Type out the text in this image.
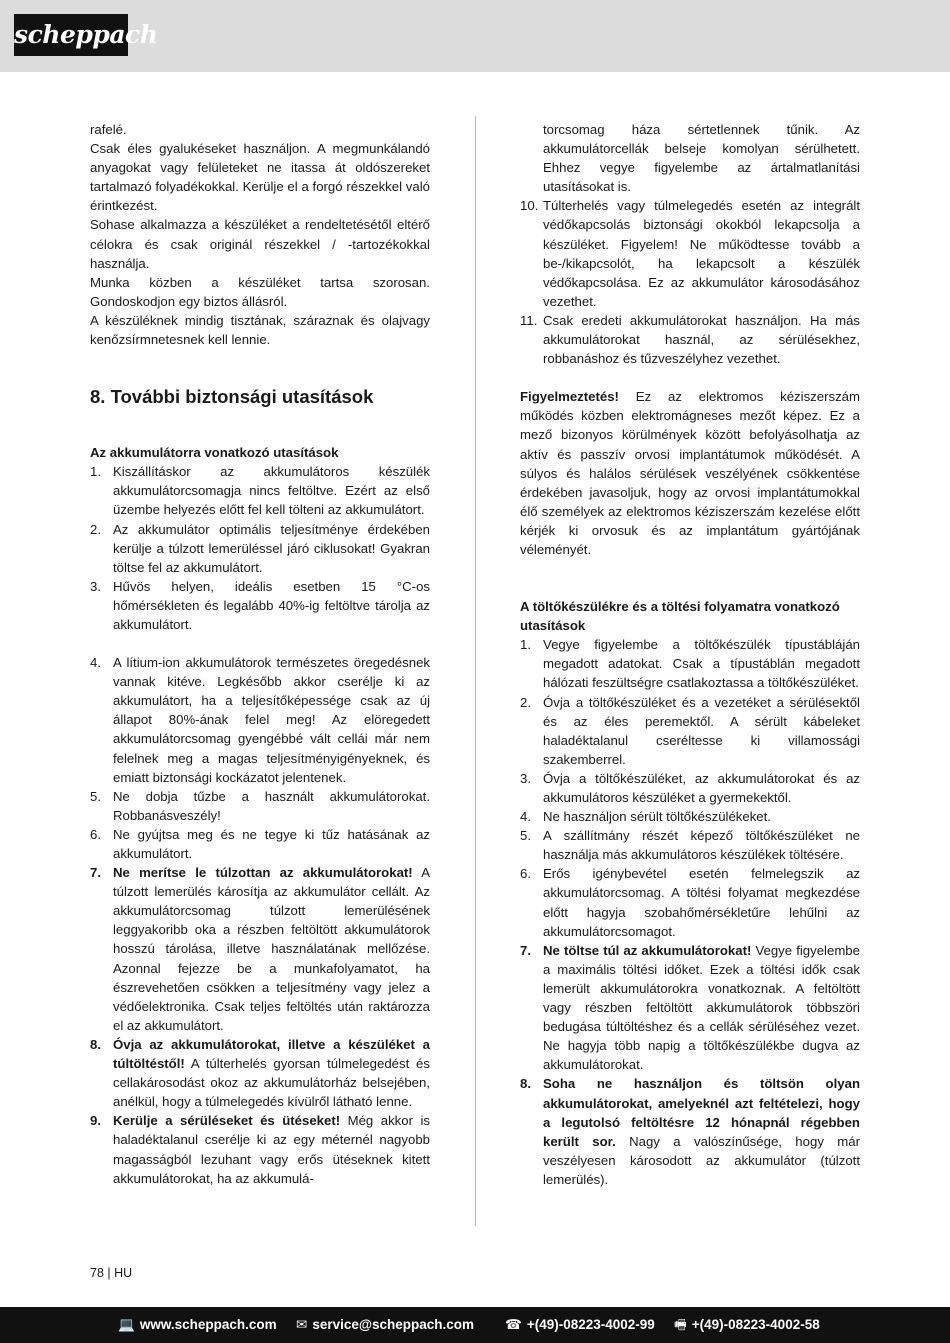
scheppach

rafelé.

Csak éles gyalukéseket használjon. A megmunkálandó anyagokat vagy felületeket ne itassa át oldószereket tartalmazó folyadékokkal. Kerülje el a forgó részekkel való érintkezést.

Sohase alkalmazza a készüléket a rendeltetésétől eltérő célokra és csak originál részekkel / -tartozékokkal használja.

Munka közben a készüléket tartsa szorosan. Gondoskodjon egy biztos állásról.

A készüléknek mindig tisztának, száraznak és olajvagy kenőzsírmnetesnek kell lennie.

8. További biztonsági utasítások
Az akkumulátorra vonatkozó utasítások
1. Kiszállításkor az akkumulátoros készülék akkumulátorcsomagja nincs feltöltve. Ezért az első üzembe helyezés előtt fel kell tölteni az akkumulátort.
2. Az akkumulátor optimális teljesítménye érdekében kerülje a túlzott lemerüléssel járó ciklusokat! Gyakran töltse fel az akkumulátort.
3. Hűvös helyen, ideális esetben 15 °C-os hőmérsékleten és legalább 40%-ig feltöltve tárolja az akkumulátort.
4. A lítium-ion akkumulátorok természetes öregedésnek vannak kitéve. Legkésőbb akkor cserélje ki az akkumulátort, ha a teljesítőképessége csak az új állapot 80%-ának felel meg! Az elöregedett akkumulátorcsomag gyengébbé vált cellái már nem felelnek meg a magas teljesítményigényeknek, és emiatt biztonsági kockázatot jelentenek.
5. Ne dobja tűzbe a használt akkumulátorokat. Robbanásveszély!
6. Ne gyújtsa meg és ne tegye ki tűz hatásának az akkumulátort.
7. Ne merítse le túlzottan az akkumulátorokat! A túlzott lemerülés károsítja az akkumulátor cellált. Az akkumulátorcsomag túlzott lemerülésének leggyakoribb oka a részben feltöltött akkumulátorok hosszú tárolása, illetve használatának mellőzése. Azonnal fejezze be a munkafolyamatot, ha észrevehetően csökken a teljesítmény vagy jelez a védőelektronika. Csak teljes feltöltés után raktározza el az akkumulátort.
8. Óvja az akkumulátorokat, illetve a készüléket a túltöltéstől! A túlterhelés gyorsan túlmelegedést és cellakárosodást okoz az akkumulátorház belsejében, anélkül, hogy a túlmelegedés kívülről látható lenne.
9. Kerülje a sérüléseket és ütéseket! Még akkor is haladéktalanul cserélje ki az egy méternél nagyobb magasságból lezuhant vagy erős ütéseknek kitett akkumulátorokat, ha az akkumulá-
torcsomag háza sértetlennek tűnik. Az akkumulátorcellák belseje komolyan sérülhetett. Ehhez vegye figyelembe az ártalmatlanítási utasításokat is.
10. Túlterhelés vagy túlmelegedés esetén az integrált védőkapcsolás biztonsági okokból lekapcsolja a készüléket. Figyelem! Ne működtesse tovább a be-/kikapcsolót, ha lekapcsolt a készülék védőkapcsolása. Ez az akkumulátor károsodásához vezethet.
11. Csak eredeti akkumulátorokat használjon. Ha más akkumulátorokat használ, az sérülésekhez, robbanáshoz és tűzveszélyhez vezethet.

Figyelmeztetés! Ez az elektromos kéziszerszám működés közben elektromágneses mezőt képez. Ez a mező bizonyos körülmények között befolyásolhatja az aktív és passzív orvosi implantátumok működését. A súlyos és halálos sérülések veszélyének csökkentése érdekében javasoljuk, hogy az orvosi implantátumokkal élő személyek az elektromos kéziszerszám kezelése előtt kérjék ki orvosuk és az implantátum gyártójának véleményét.

A töltőkészülékre és a töltési folyamatra vonatkozó utasítások
1. Vegye figyelembe a töltőkészülék típustábláján megadott adatokat. Csak a típustáblán megadott hálózati feszültségre csatlakoztassa a töltőkészüléket.
2. Óvja a töltőkészüléket és a vezetéket a sérülésektől és az éles peremektől. A sérült kábeleket haladéktalanul cseréltesse ki villamossági szakemberrel.
3. Óvja a töltőkészüléket, az akkumulátorokat és az akkumulátoros készüléket a gyermekektől.
4. Ne használjon sérült töltőkészülékeket.
5. A szállítmány részét képező töltőkészüléket ne használja más akkumulátoros készülékek töltésére.
6. Erős igénybevétel esetén felmelegszik az akkumulátorcsomag. A töltési folyamat megkezdése előtt hagyja szobahőmérsékletűre lehűlni az akkumulátorcsomagot.
7. Ne töltse túl az akkumulátorokat! Vegye figyelembe a maximális töltési időket. Ezek a töltési idők csak lemerült akkumulátorokra vonatkoznak. A feltöltött vagy részben feltöltött akkumulátorok többszöri bedugása túltöltéshez és a cellák sérüléséhez vezet. Ne hagyja több napig a töltőkészülékbe dugva az akkumulátorokat.
8. Soha ne használjon és töltsön olyan akkumulátorokat, amelyeknél azt feltételezi, hogy a legutolsó feltöltésre 12 hónapnál régebben került sor. Nagy a valószínűsége, hogy már veszélyesen károsodott az akkumulátor (túlzott lemerülés).
78 | HU
💻 www.scheppach.com ✉ service@scheppach.com ☎ +(49)-08223-4002-99 🖷 +(49)-08223-4002-58
